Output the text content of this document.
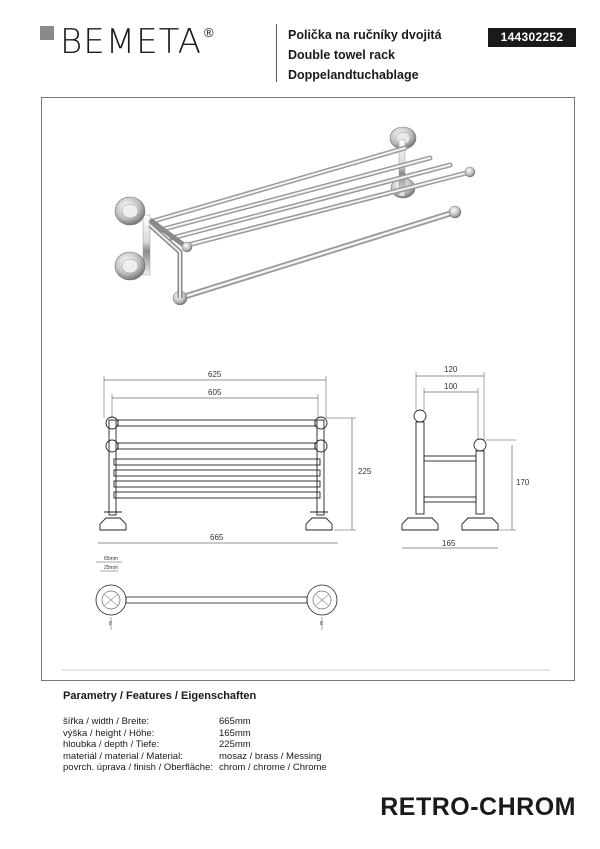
BEMETA ®	Polička na ručníky dvojitá
Double towel rack
Doppelandtuchablage
144302252
625
605
665
225
120
100
165
170
65mm
25mm
8	8
Parametry / Features / Eigenschaften
šířka / width / Breite:	665mm
výška / height / Höhe:	165mm
hloubka / depth / Tiefe:	225mm
materiál / material / Material:	mosaz / brass / Messing
povrch. úprava / finish / Oberfläche: chrom / chrome / Chrome
RETRO-CHROM
